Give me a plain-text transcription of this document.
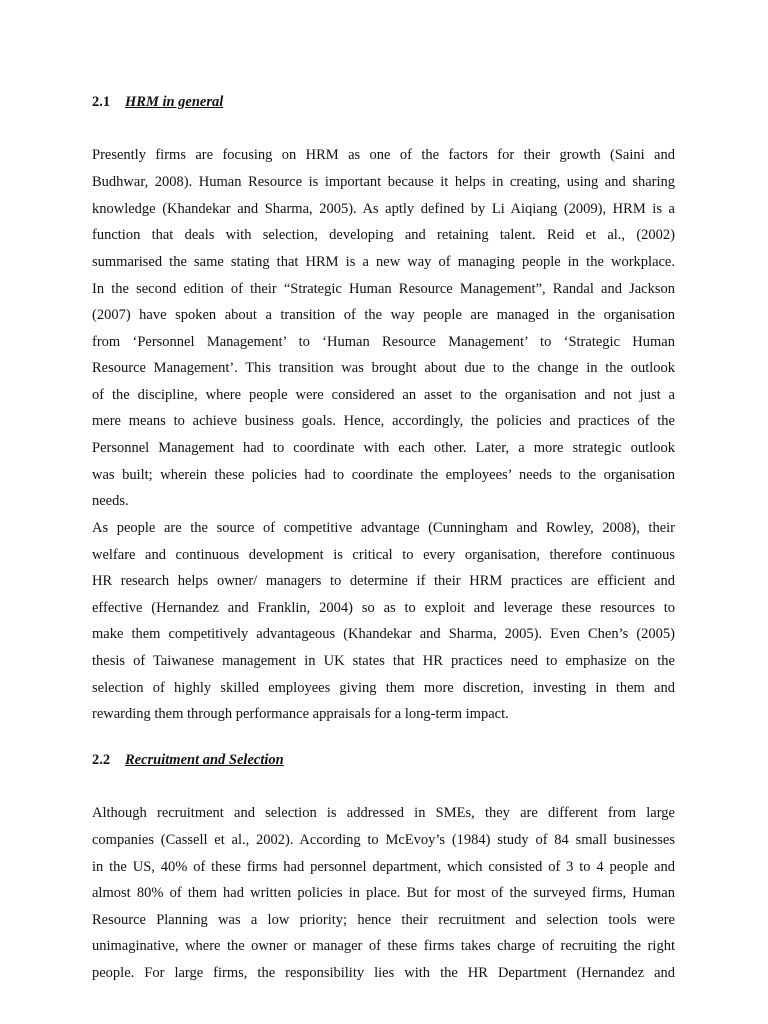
2.1 HRM in general
Presently firms are focusing on HRM as one of the factors for their growth (Saini and
Budhwar, 2008). Human Resource is important because it helps in creating, using and sharing
knowledge (Khandekar and Sharma, 2005). As aptly defined by Li Aiqiang (2009), HRM is a
function that deals with selection, developing and retaining talent. Reid et al., (2002)
summarised the same stating that HRM is a new way of managing people in the workplace.
In the second edition of their “Strategic Human Resource Management”, Randal and Jackson
(2007) have spoken about a transition of the way people are managed in the organisation
from ‘Personnel Management’ to ‘Human Resource Management’ to ‘Strategic Human
Resource Management’. This transition was brought about due to the change in the outlook
of the discipline, where people were considered an asset to the organisation and not just a
mere means to achieve business goals. Hence, accordingly, the policies and practices of the
Personnel Management had to coordinate with each other. Later, a more strategic outlook
was built; wherein these policies had to coordinate the employees’ needs to the organisation
needs.
As people are the source of competitive advantage (Cunningham and Rowley, 2008), their
welfare and continuous development is critical to every organisation, therefore continuous
HR research helps owner/ managers to determine if their HRM practices are efficient and
effective (Hernandez and Franklin, 2004) so as to exploit and leverage these resources to
make them competitively advantageous (Khandekar and Sharma, 2005). Even Chen’s (2005)
thesis of Taiwanese management in UK states that HR practices need to emphasize on the
selection of highly skilled employees giving them more discretion, investing in them and
rewarding them through performance appraisals for a long-term impact.
2.2 Recruitment and Selection
Although recruitment and selection is addressed in SMEs, they are different from large
companies (Cassell et al., 2002). According to McEvoy’s (1984) study of 84 small businesses
in the US, 40% of these firms had personnel department, which consisted of 3 to 4 people and
almost 80% of them had written policies in place. But for most of the surveyed firms, Human
Resource Planning was a low priority; hence their recruitment and selection tools were
unimaginative, where the owner or manager of these firms takes charge of recruiting the right
people. For large firms, the responsibility lies with the HR Department (Hernandez and
